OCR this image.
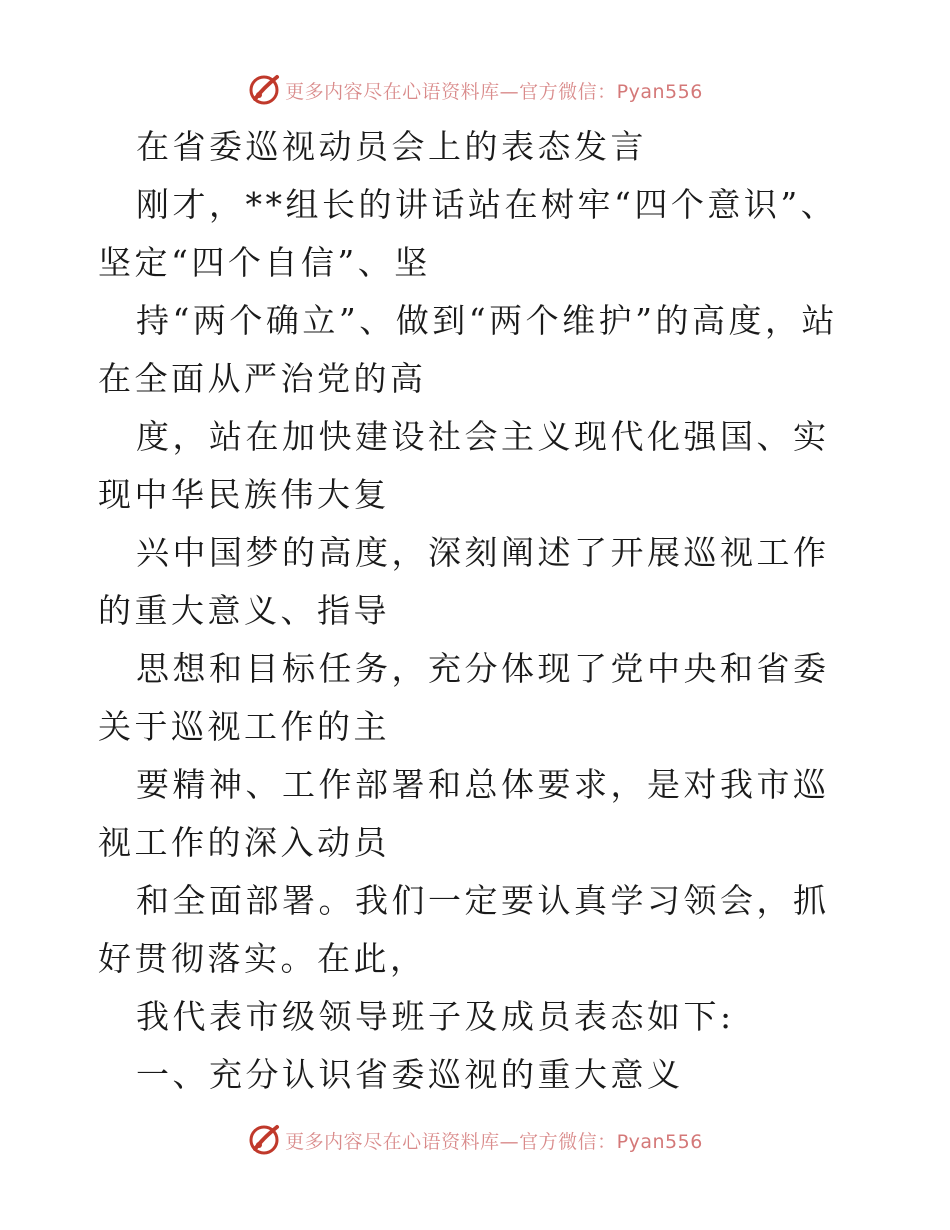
更多内容尽在心语资料库—官方微信：Pyan556

在省委巡视动员会上的表态发言

刚才，**组长的讲话站在树牢“四个意识”、坚定“四个自信”、坚

持“两个确立”、做到“两个维护”的高度，站在全面从严治党的高

度，站在加快建设社会主义现代化强国、实现中华民族伟大复

兴中国梦的高度，深刻阐述了开展巡视工作的重大意义、指导

思想和目标任务，充分体现了党中央和省委关于巡视工作的主

要精神、工作部署和总体要求，是对我市巡视工作的深入动员

和全面部署。我们一定要认真学习领会，抓好贯彻落实。在此，

我代表市级领导班子及成员表态如下:

一、充分认识省委巡视的重大意义

更多内容尽在心语资料库—官方微信：Pyan556
